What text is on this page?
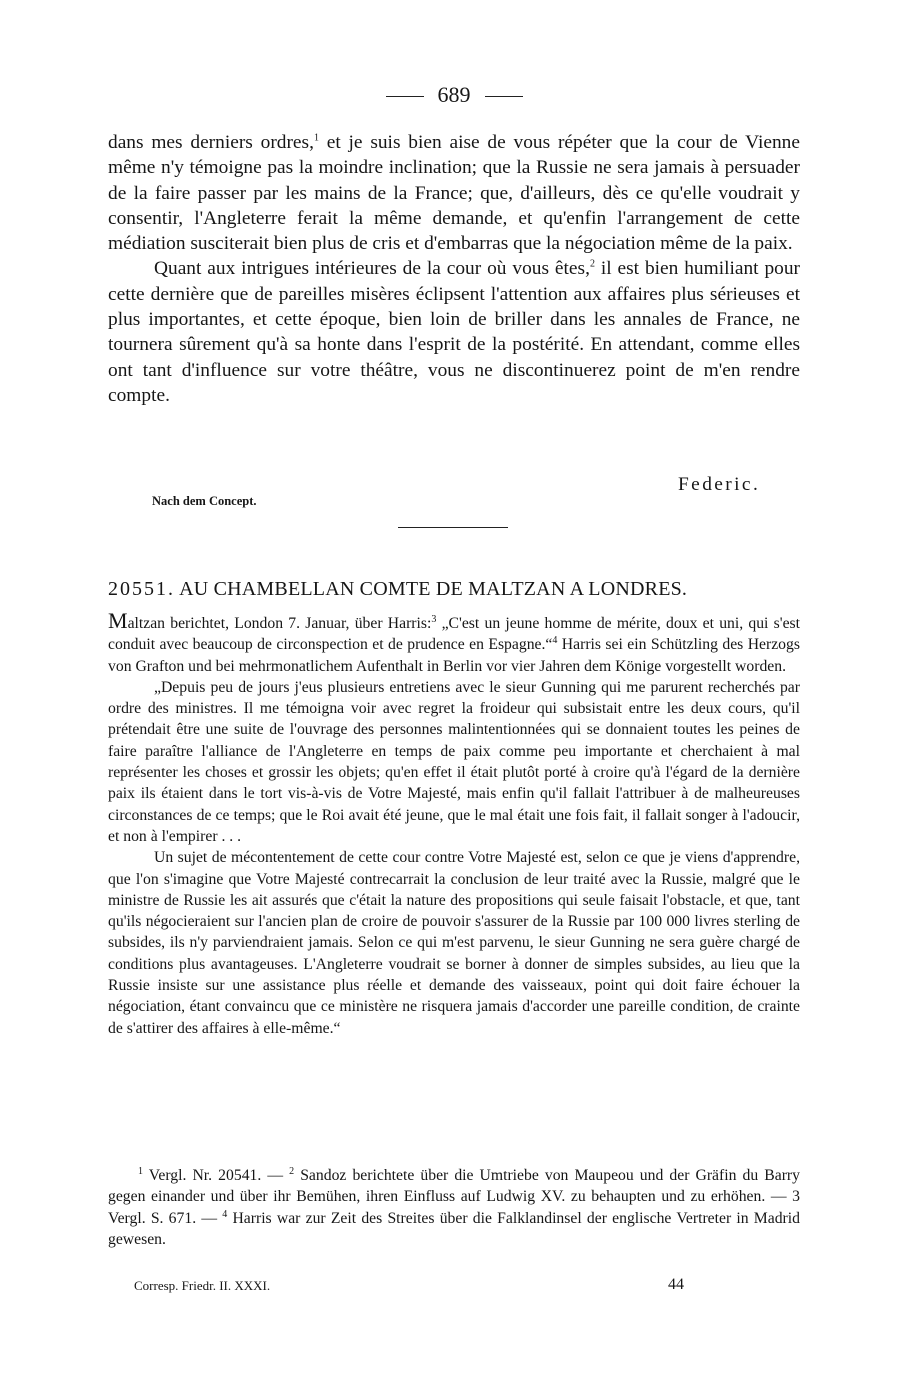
689

dans mes derniers ordres,$^1$ et je suis bien aise de vous répéter que la cour de Vienne même n'y témoigne pas la moindre inclination; que la Russie ne sera jamais à persuader de la faire passer par les mains de la France; que, d'ailleurs, dès ce qu'elle voudrait y consentir, l'Angleterre ferait la même demande, et qu'enfin l'arrangement de cette médiation susciterait bien plus de cris et d'embarras que la négociation même de la paix.

Quant aux intrigues intérieures de la cour où vous êtes,$^2$ il est bien humiliant pour cette dernière que de pareilles misères éclipsent l'attention aux affaires plus sérieuses et plus importantes, et cette époque, bien loin de briller dans les annales de France, ne tournera sûrement qu'à sa honte dans l'esprit de la postérité. En attendant, comme elles ont tant d'influence sur votre théâtre, vous ne discontinuerez point de m'en rendre compte.

Federic.
Nach dem Concept.
20551. AU CHAMBELLAN COMTE DE MALTZAN A LONDRES.

Maltzan berichtet, London 7. Januar, über Harris:$^3$ „C'est un jeune homme de mérite, doux et uni, qui s'est conduit avec beaucoup de circonspection et de prudence en Espagne.“$^4$ Harris sei ein Schützling des Herzogs von Grafton und bei mehrmonatlichem Aufenthalt in Berlin vor vier Jahren dem Könige vorgestellt worden.

„Depuis peu de jours j'eus plusieurs entretiens avec le sieur Gunning qui me parurent recherchés par ordre des ministres. Il me témoigna voir avec regret la froideur qui subsistait entre les deux cours, qu'il prétendait être une suite de l'ouvrage des personnes malintentionnées qui se donnaient toutes les peines de faire paraître l'alliance de l'Angleterre en temps de paix comme peu importante et cherchaient à mal représenter les choses et grossir les objets; qu'en effet il était plutôt porté à croire qu'à l'égard de la dernière paix ils étaient dans le tort vis-à-vis de Votre Majesté, mais enfin qu'il fallait l'attribuer à de malheureuses circonstances de ce temps; que le Roi avait été jeune, que le mal était une fois fait, il fallait songer à l'adoucir, et non à l'empirer . . .

Un sujet de mécontentement de cette cour contre Votre Majesté est, selon ce que je viens d'apprendre, que l'on s'imagine que Votre Majesté contrecarrait la conclusion de leur traité avec la Russie, malgré que le ministre de Russie les ait assurés que c'était la nature des propositions qui seule faisait l'obstacle, et que, tant qu'ils négocieraient sur l'ancien plan de croire de pouvoir s'assurer de la Russie par 100 000 livres sterling de subsides, ils n'y parviendraient jamais. Selon ce qui m'est parvenu, le sieur Gunning ne sera guère chargé de conditions plus avantageuses. L'Angleterre voudrait se borner à donner de simples subsides, au lieu que la Russie insiste sur une assistance plus réelle et demande des vaisseaux, point qui doit faire échouer la négociation, étant convaincu que ce ministère ne risquera jamais d'accorder une pareille condition, de crainte de s'attirer des affaires à elle-même.“

$^1$ Vergl. Nr. 20541. — $^2$ Sandoz berichtete über die Umtriebe von Maupeou und der Gräfin du Barry gegen einander und über ihr Bemühen, ihren Einfluss auf Ludwig XV. zu behaupten und zu erhöhen. — 3 Vergl. S. 671. — $^4$ Harris war zur Zeit des Streites über die Falklandinsel der englische Vertreter in Madrid gewesen.

Corresp. Friedr. II. XXXI.	44
